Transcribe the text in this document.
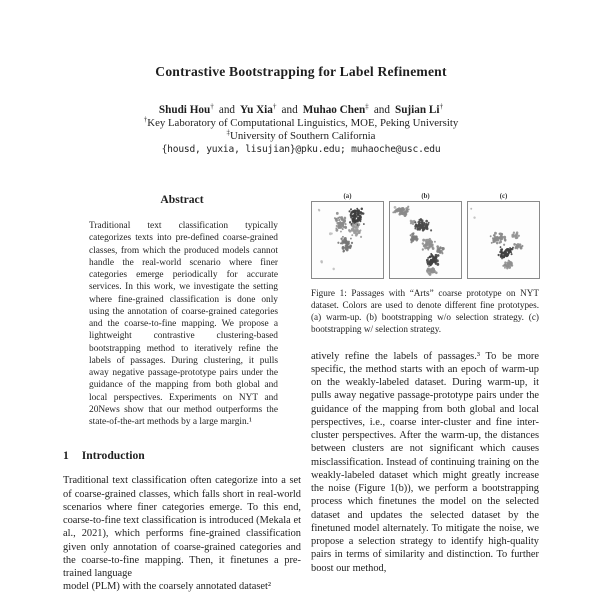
Contrastive Bootstrapping for Label Refinement
Shudi Hou† and Yu Xia† and Muhao Chen‡ and Sujian Li†
†Key Laboratory of Computational Linguistics, MOE, Peking University
‡University of Southern California
{housd, yuxia, lisujian}@pku.edu; muhaoche@usc.edu
Abstract

Traditional text classification typically categorizes texts into pre-defined coarse-grained classes, from which the produced models cannot handle the real-world scenario where finer categories emerge periodically for accurate services. In this work, we investigate the setting where fine-grained classification is done only using the annotation of coarse-grained categories and the coarse-to-fine mapping. We propose a lightweight contrastive clustering-based bootstrapping method to iteratively refine the labels of passages. During clustering, it pulls away negative passage-prototype pairs under the guidance of the mapping from both global and local perspectives. Experiments on NYT and 20News show that our method outperforms the state-of-the-art methods by a large margin.¹

1 Introduction

Traditional text classification often categorize into a set of coarse-grained classes, which falls short in real-world scenarios where finer categories emerge. To this end, coarse-to-fine text classification is introduced (Mekala et al., 2021), which performs fine-grained classification given only annotation of coarse-grained categories and the coarse-to-fine mapping. Then, it finetunes a pre-trained language

model (PLM) with the coarsely annotated dataset²

(a)	(b)	(c)
Figure 1: Passages with “Arts” coarse prototype on NYT dataset. Colors are used to denote different fine prototypes. (a) warm-up. (b) bootstrapping w/o selection strategy. (c) bootstrapping w/ selection strategy.

atively refine the labels of passages.³ To be more specific, the method starts with an epoch of warm-up on the weakly-labeled dataset. During warm-up, it pulls away negative passage-prototype pairs under the guidance of the mapping from both global and local perspectives, i.e., coarse inter-cluster and fine inter-cluster perspectives. After the warm-up, the distances between clusters are not significant which causes misclassification. Instead of continuing training on the weakly-labeled dataset which might greatly increase the noise (Figure 1(b)), we perform a bootstrapping process which finetunes the model on the selected dataset and updates the selected dataset by the finetuned model alternately. To mitigate the noise, we propose a selection strategy to identify high-quality pairs in terms of similarity and distinction. To further boost our method,
